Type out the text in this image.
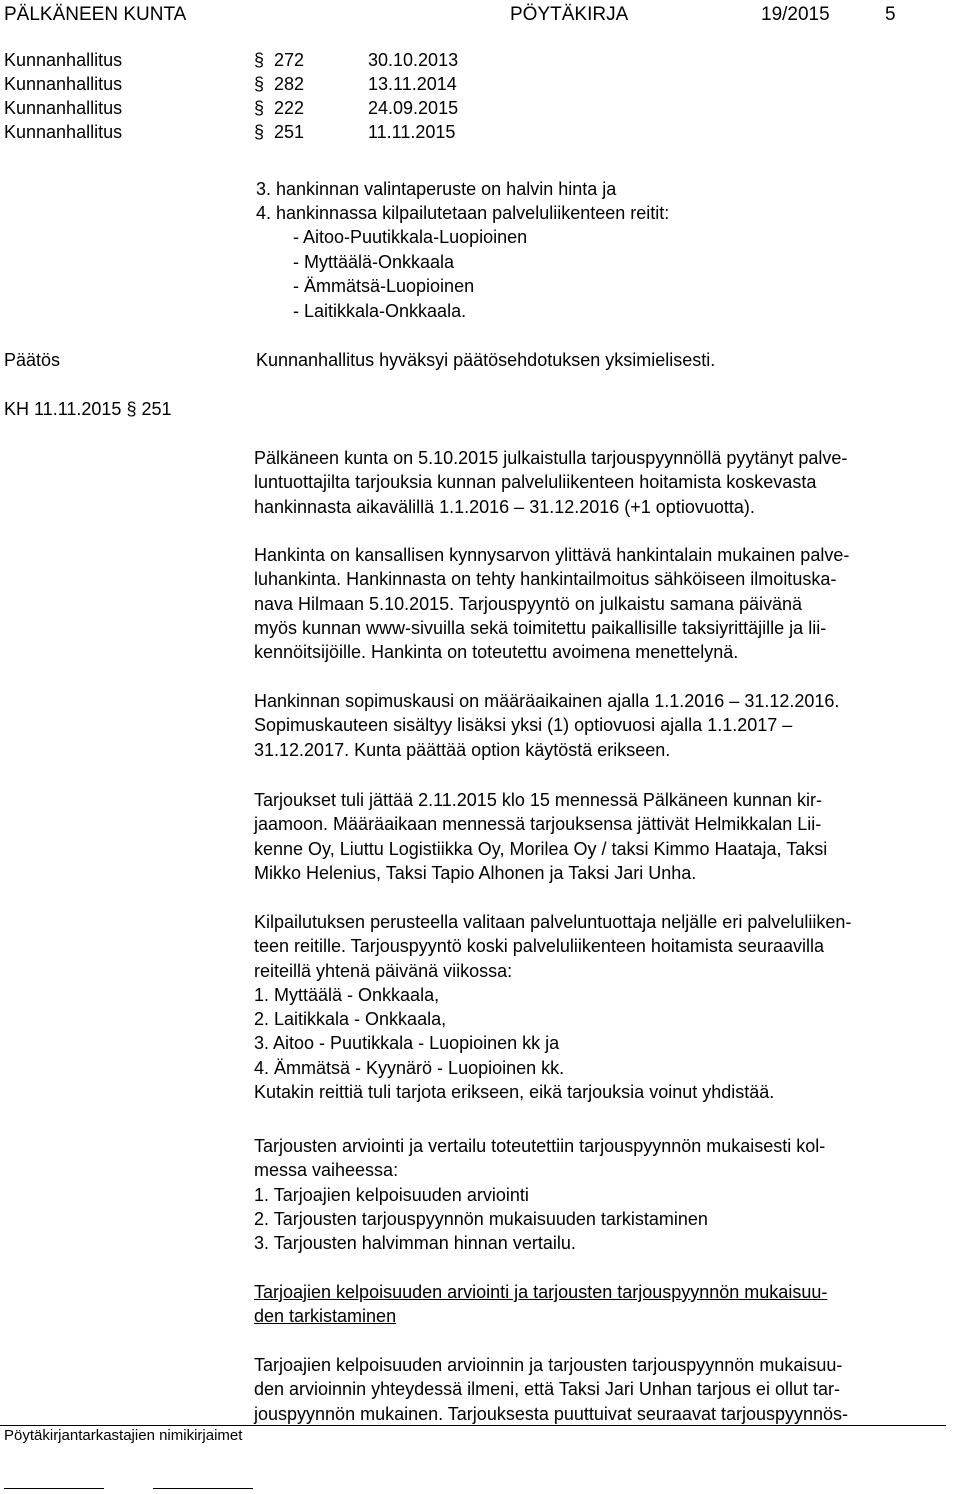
PÄLKÄNEEN KUNTA	PÖYTÄKIRJA	19/2015	5
Kunnanhallitus	§ 272	30.10.2013
Kunnanhallitus	§ 282	13.11.2014
Kunnanhallitus	§ 222	24.09.2015
Kunnanhallitus	§ 251	11.11.2015
3. hankinnan valintaperuste on halvin hinta ja
4. hankinnassa kilpailutetaan palveluliikenteen reitit:
- Aitoo-Puutikkala-Luopioinen
- Myttäälä-Onkkaala
- Ämmätsä-Luopioinen
- Laitikkala-Onkkaala.
Päätös	Kunnanhallitus hyväksyi päätösehdotuksen yksimielisesti.
KH 11.11.2015 § 251
Pälkäneen kunta on 5.10.2015 julkaistulla tarjouspyynnöllä pyytänyt palve-
luntuottajilta tarjouksia kunnan palveluliikenteen hoitamista koskevasta
hankinnasta aikavälillä 1.1.2016 – 31.12.2016 (+1 optiovuotta).
Hankinta on kansallisen kynnysarvon ylittävä hankintalain mukainen palve-
luhankinta. Hankinnasta on tehty hankintailmoitus sähköiseen ilmoituska-
nava Hilmaan 5.10.2015. Tarjouspyyntö on julkaistu samana päivänä
myös kunnan www-sivuilla sekä toimitettu paikallisille taksiyrittäjille ja lii-
kennöitsijöille. Hankinta on toteutettu avoimena menettelynä.
Hankinnan sopimuskausi on määräaikainen ajalla 1.1.2016 – 31.12.2016.
Sopimuskauteen sisältyy lisäksi yksi (1) optiovuosi ajalla 1.1.2017 –
31.12.2017. Kunta päättää option käytöstä erikseen.
Tarjoukset tuli jättää 2.11.2015 klo 15 mennessä Pälkäneen kunnan kir-
jaamoon. Määräaikaan mennessä tarjouksensa jättivät Helmikkalan Lii-
kenne Oy, Liuttu Logistiikka Oy, Morilea Oy / taksi Kimmo Haataja, Taksi
Mikko Helenius, Taksi Tapio Alhonen ja Taksi Jari Unha.
Kilpailutuksen perusteella valitaan palveluntuottaja neljälle eri palveluliiken-
teen reitille. Tarjouspyyntö koski palveluliikenteen hoitamista seuraavilla
reiteillä yhtenä päivänä viikossa:
1. Myttäälä - Onkkaala,
2. Laitikkala - Onkkaala,
3. Aitoo - Puutikkala - Luopioinen kk ja
4. Ämmätsä - Kyynärö - Luopioinen kk.
Kutakin reittiä tuli tarjota erikseen, eikä tarjouksia voinut yhdistää.
Tarjousten arviointi ja vertailu toteutettiin tarjouspyynnön mukaisesti kol-
messa vaiheessa:
1. Tarjoajien kelpoisuuden arviointi
2. Tarjousten tarjouspyynnön mukaisuuden tarkistaminen
3. Tarjousten halvimman hinnan vertailu.
Tarjoajien kelpoisuuden arviointi ja tarjousten tarjouspyynnön mukaisuu-
den tarkistaminen
Tarjoajien kelpoisuuden arvioinnin ja tarjousten tarjouspyynnön mukaisuu-
den arvioinnin yhteydessä ilmeni, että Taksi Jari Unhan tarjous ei ollut tar-
jouspyynnön mukainen. Tarjouksesta puuttuivat seuraavat tarjouspyynnös-
Pöytäkirjantarkastajien nimikirjaimet
